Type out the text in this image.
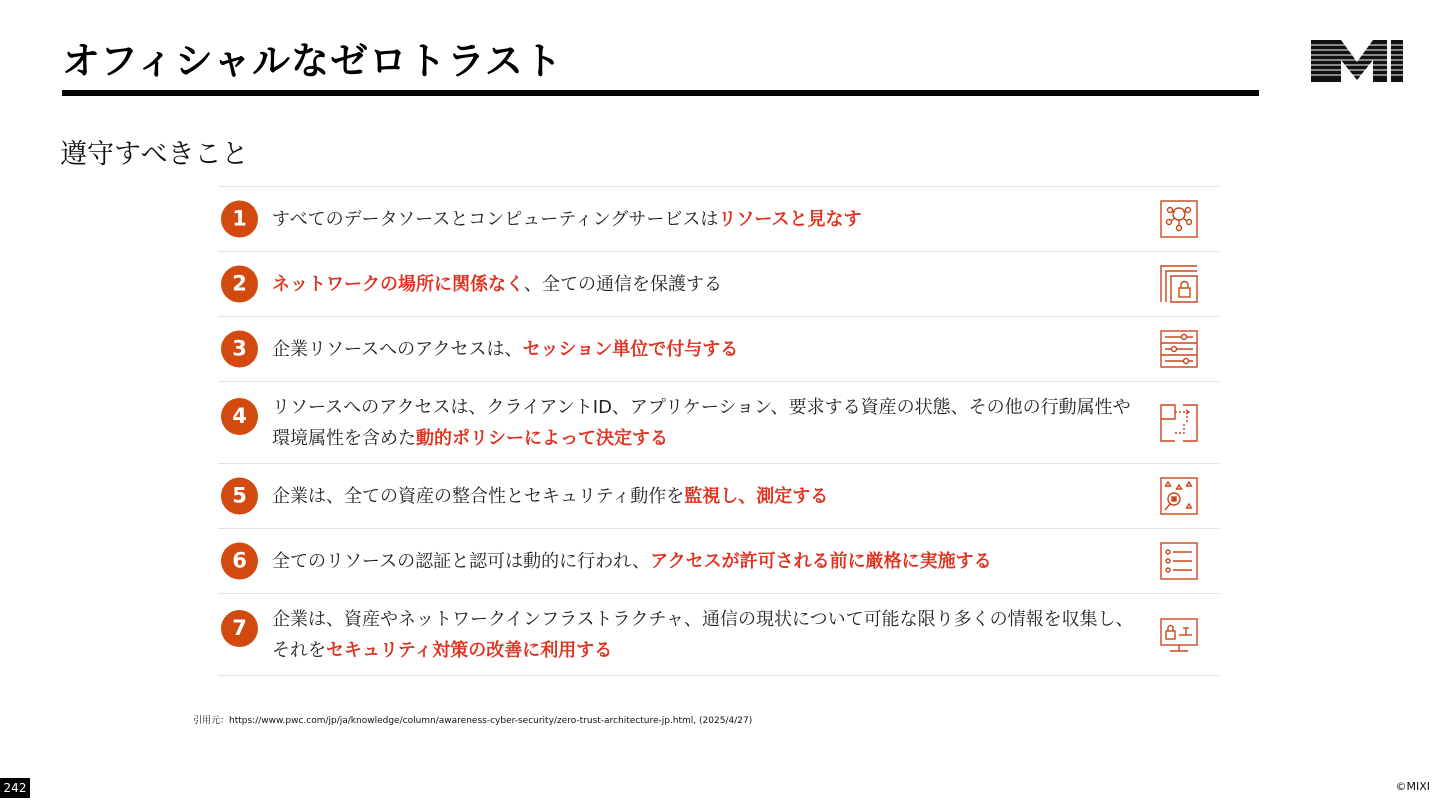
オフィシャルなゼロトラスト
遵守すべきこと
1	すべてのデータソースとコンピューティングサービスはリソースと見なす
2	ネットワークの場所に関係なく、全ての通信を保護する
3	企業リソースへのアクセスは、セッション単位で付与する
4	リソースへのアクセスは、クライアントID、アプリケーション、要求する資産の状態、その他の行動属性や環境属性を含めた動的ポリシーによって決定する
5	企業は、全ての資産の整合性とセキュリティ動作を監視し、測定する
6	全てのリソースの認証と認可は動的に行われ、アクセスが許可される前に厳格に実施する
7	企業は、資産やネットワークインフラストラクチャ、通信の現状について可能な限り多くの情報を収集し、それをセキュリティ対策の改善に利用する
引用元：https://www.pwc.com/jp/ja/knowledge/column/awareness-cyber-security/zero-trust-architecture-jp.html, (2025/4/27)
242	©MIXI
